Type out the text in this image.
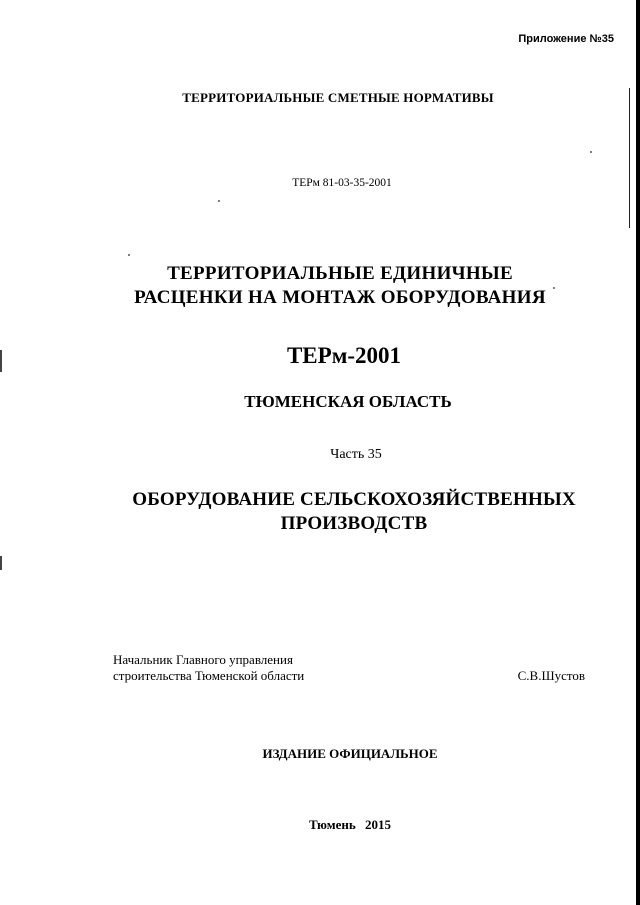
Приложение №35
ТЕРРИТОРИАЛЬНЫЕ СМЕТНЫЕ НОРМАТИВЫ
ТЕРм 81-03-35-2001
ТЕРРИТОРИАЛЬНЫЕ ЕДИНИЧНЫЕ
РАСЦЕНКИ НА МОНТАЖ ОБОРУДОВАНИЯ
ТЕРм-2001
ТЮМЕНСКАЯ ОБЛАСТЬ
Часть 35
ОБОРУДОВАНИЕ СЕЛЬСКОХОЗЯЙСТВЕННЫХ
ПРОИЗВОДСТВ
Начальник Главного управления
строительства Тюменской области	С.В.Шустов
ИЗДАНИЕ ОФИЦИАЛЬНОЕ
Тюмень 2015
